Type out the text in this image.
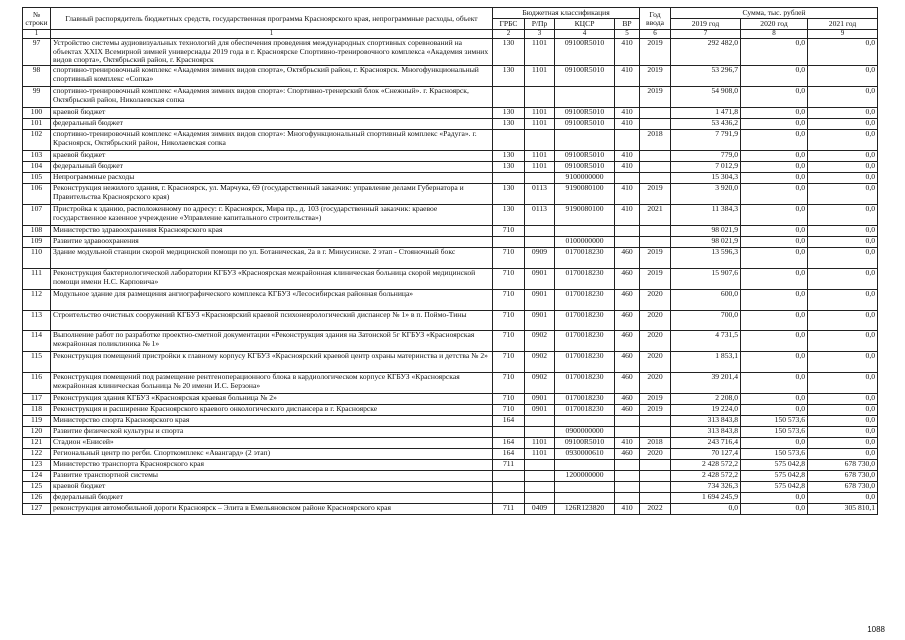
№ строки	Главный распорядитель бюджетных средств, государственная программа Красноярского края, непрограммные расходы, объект	Бюджетная классификация				Год ввода	Сумма, тыс. рублей		
		ГРБС	Р/Пр	КЦСР	ВР		2019 год	2020 год	2021 год
1	1	2	3	4	5	6	7	8	9
97	Устройство системы аудиовизуальных технологий для обеспечения проведения международных спортивных соревнований на объектах XXIX Всемирной зимней универсиады 2019 года в г. Красноярске Спортивно-тренировочного комплекса «Академия зимних видов спорта», Октябрьский район, г. Красноярск	130	1101	09100R5010	410	2019	292 482,0	0,0	0,0
98	спортивно-тренировочный комплекс «Академия зимних видов спорта», Октябрьский район, г. Красноярск. Многофункциональный спортивный комплекс «Сопка»	130	1101	09100R5010	410	2019	53 296,7	0,0	0,0
99	спортивно-тренировочный комплекс «Академия зимних видов спорта»: Спортивно-тренерский блок «Снежный». г. Красноярск, Октябрьский район, Николаевская сопка					2019	54 908,0	0,0	0,0
100	краевой бюджет	130	1101	09100R5010	410		1 471,8	0,0	0,0
101	федеральный бюджет	130	1101	09100R5010	410		53 436,2	0,0	0,0
102	спортивно-тренировочный комплекс «Академия зимних видов спорта»: Многофункциональный спортивный комплекс «Радуга». г. Красноярск, Октябрьский район, Николаевская сопка					2018	7 791,9	0,0	0,0
103	краевой бюджет	130	1101	09100R5010	410		779,0	0,0	0,0
104	федеральный бюджет	130	1101	09100R5010	410		7 012,9	0,0	0,0
105	Непрограммные расходы			9100000000			15 304,3	0,0	0,0
106	Реконструкция нежилого здания, г. Красноярск, ул. Марчука, 69 (государственный заказчик: управление делами Губернатора и Правительства Красноярского края)	130	0113	9190080100	410	2019	3 920,0	0,0	0,0
107	Пристройка к зданию, расположенному по адресу: г. Красноярск, Мира пр., д. 103 (государственный заказчик: краевое государственное казенное учреждение «Управление капитального строительства»)	130	0113	9190080100	410	2021	11 384,3	0,0	0,0
108	Министерство здравоохранения Красноярского края	710					98 021,9	0,0	0,0
109	Развитие здравоохранения			0100000000			98 021,9	0,0	0,0
110	Здание модульной станции скорой медицинской помощи по ул. Ботаническая, 2а в г. Минусинске. 2 этап - Стояночный бокс	710	0909	0170018230	460	2019	13 596,3	0,0	0,0
111	Реконструкция бактериологической лаборатории КГБУЗ «Красноярская межрайонная клиническая больница скорой медицинской помощи имени Н.С. Карповича»	710	0901	0170018230	460	2019	15 907,6	0,0	0,0
112	Модульное здание для размещения ангиографического комплекса КГБУЗ «Лесосибирская районная больница»	710	0901	0170018230	460	2020	600,0	0,0	0,0
113	Строительство очистных сооружений КГБУЗ «Красноярский краевой психоневрологический диспансер № 1» в п. Поймо-Тины	710	0901	0170018230	460	2020	700,0	0,0	0,0
114	Выполнение работ по разработке проектно-сметной документации «Реконструкция здания на Затонской 5г КГБУЗ «Красноярская межрайонная поликлиника № 1»	710	0902	0170018230	460	2020	4 731,5	0,0	0,0
115	Реконструкция помещений пристройки к главному корпусу КГБУЗ «Красноярский краевой центр охраны материнства и детства № 2»	710	0902	0170018230	460	2020	1 853,1	0,0	0,0
116	Реконструкция помещений под размещение рентгеноперационного блока в кардиологическом корпусе КГБУЗ «Красноярская межрайонная клиническая больница № 20 имени И.С. Берзона»	710	0902	0170018230	460	2020	39 201,4	0,0	0,0
117	Реконструкция здания КГБУЗ «Красноярская краевая больница № 2»	710	0901	0170018230	460	2019	2 208,0	0,0	0,0
118	Реконструкция и расширение Красноярского краевого онкологического диспансера в г. Красноярске	710	0901	0170018230	460	2019	19 224,0	0,0	0,0
119	Министерство спорта Красноярского края	164					313 843,8	150 573,6	0,0
120	Развитие физической культуры и спорта			0900000000			313 843,8	150 573,6	0,0
121	Стадион «Енисей»	164	1101	09100R5010	410	2018	243 716,4	0,0	0,0
122	Региональный центр по регби. Спорткомплекс «Авангард» (2 этап)	164	1101	0930000610	460	2020	70 127,4	150 573,6	0,0
123	Министерство транспорта Красноярского края	711					2 428 572,2	575 042,8	678 730,0
124	Развитие транспортной системы			1200000000			2 428 572,2	575 042,8	678 730,0
125	краевой бюджет						734 326,3	575 042,8	678 730,0
126	федеральный бюджет						1 694 245,9	0,0	0,0
127	реконструкция автомобильной дороги Красноярск – Элита в Емельяновском районе Красноярского края	711	0409	126R123820	410	2022	0,0	0,0	305 810,1
1088
